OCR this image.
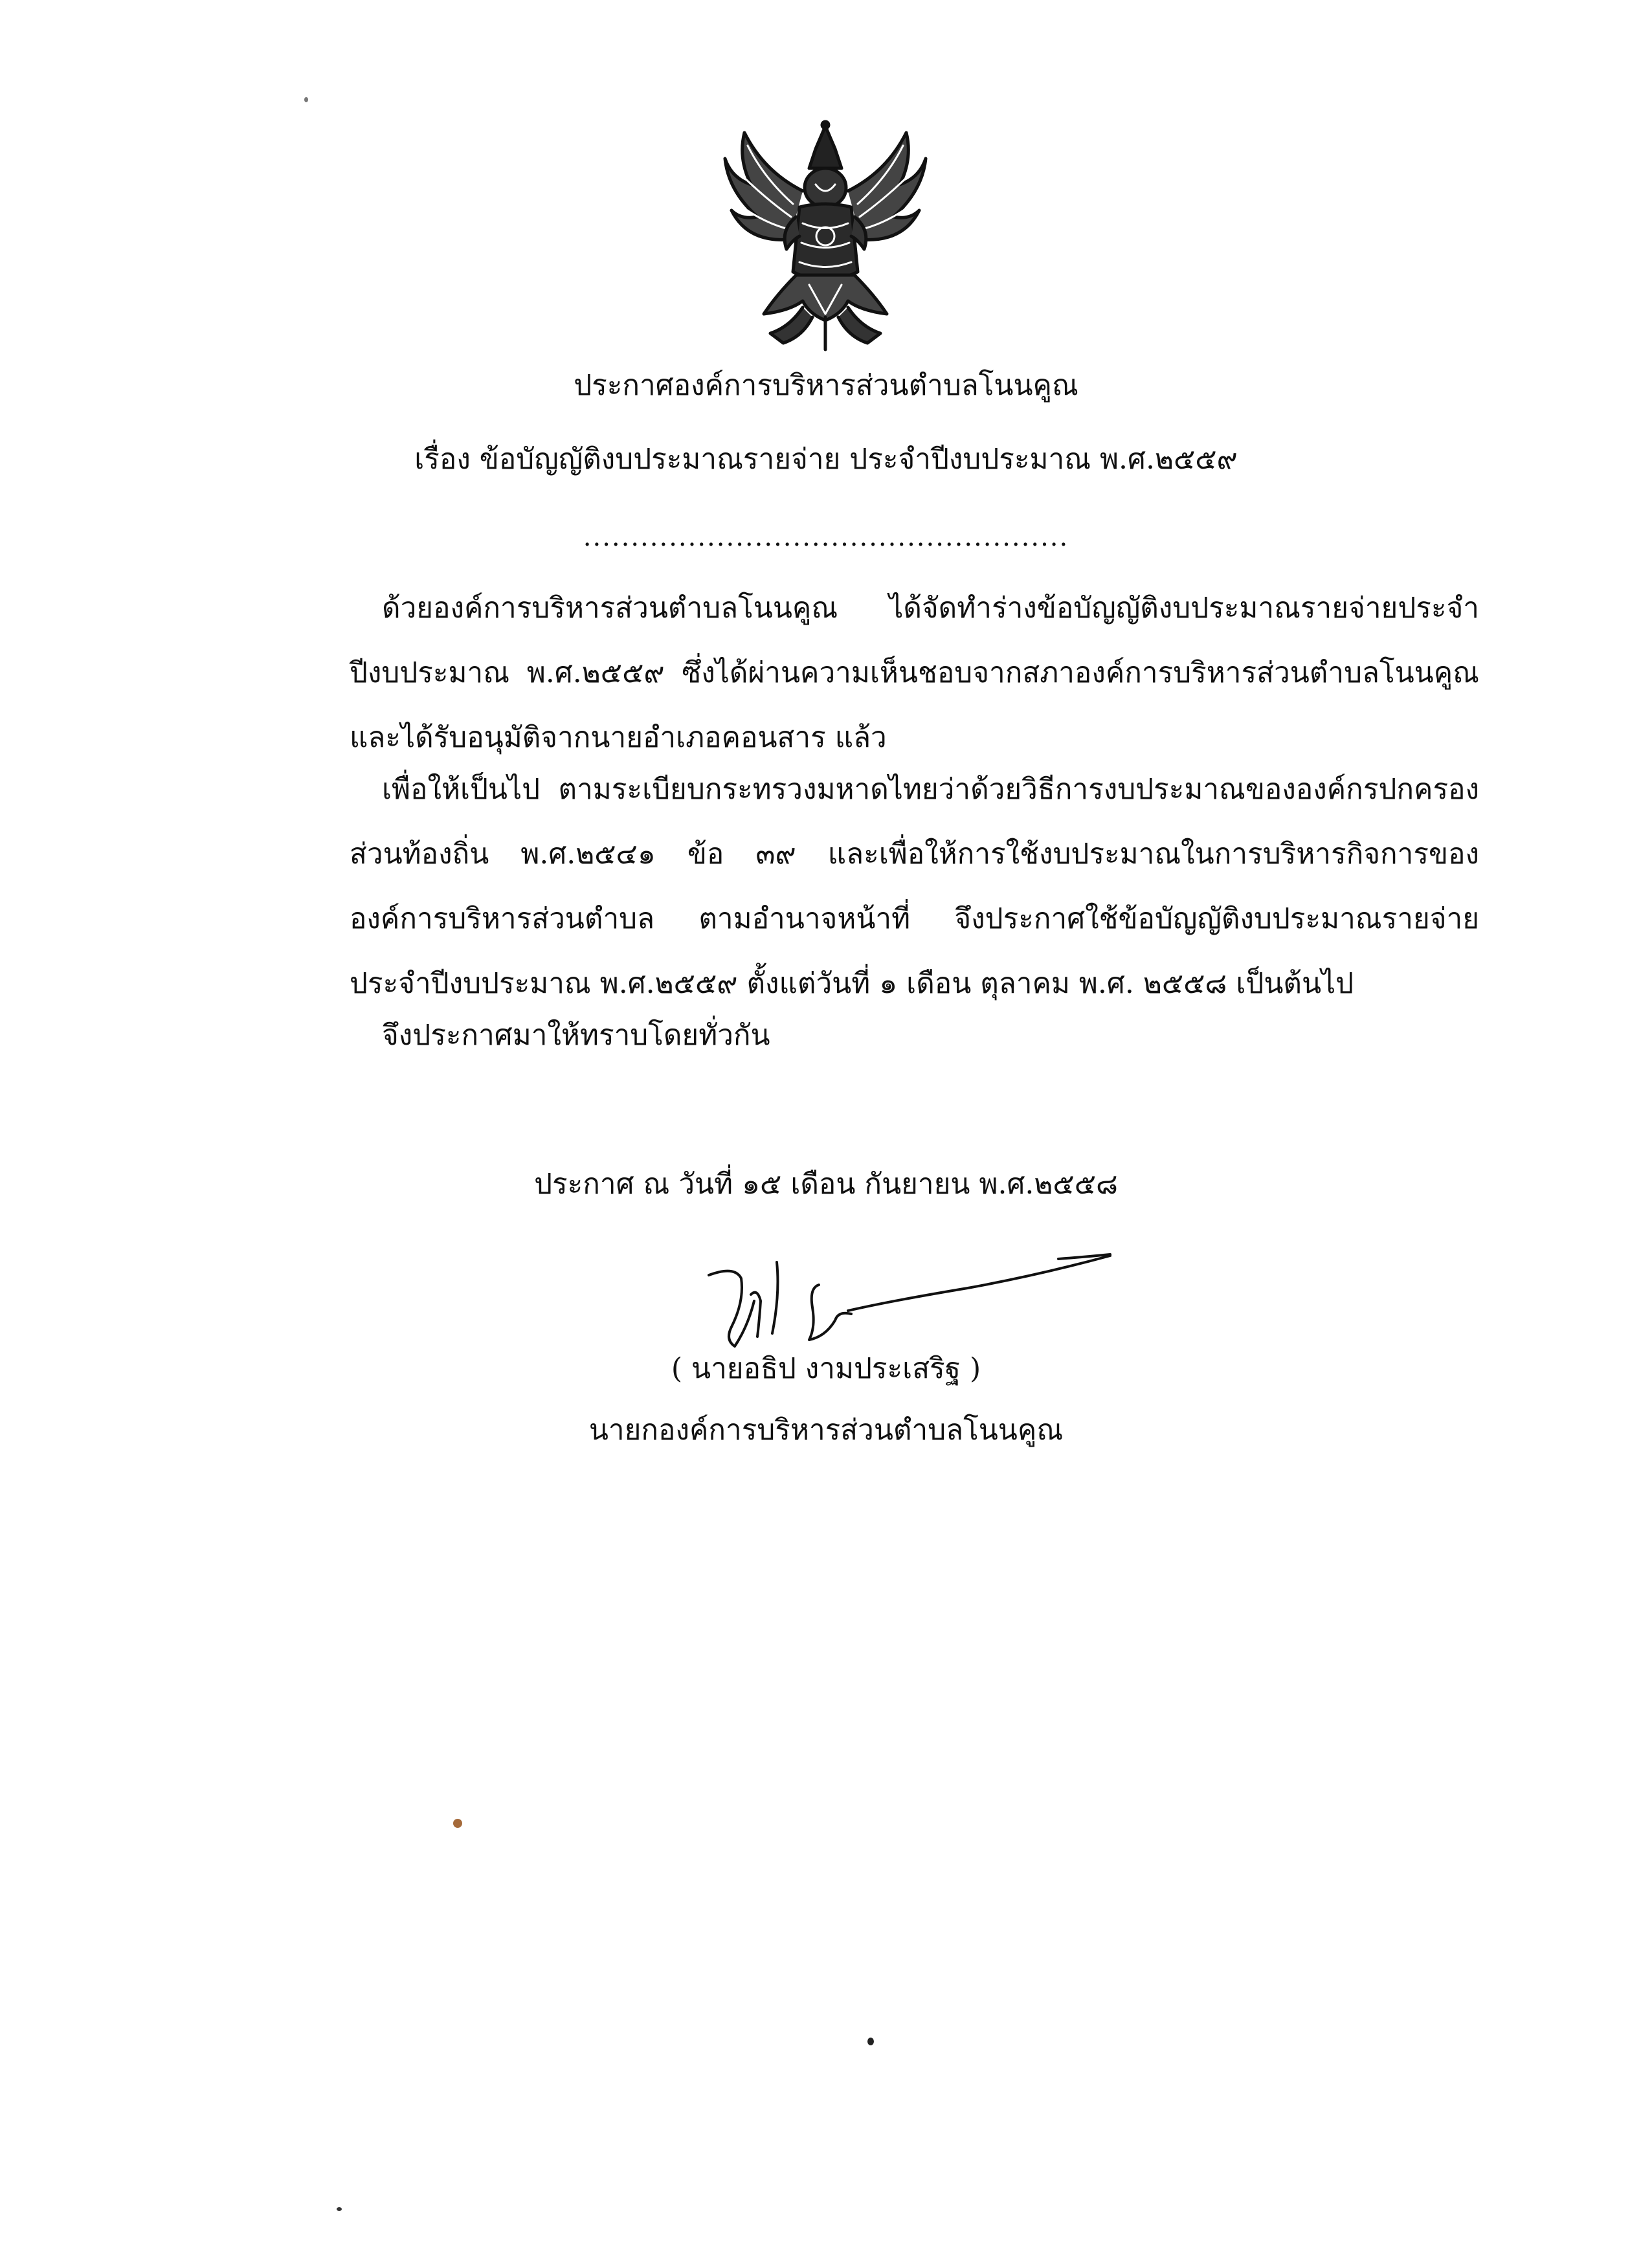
ประกาศองค์การบริหารส่วนตำบลโนนคูณ
เรื่อง ข้อบัญญัติงบประมาณรายจ่าย ประจำปีงบประมาณ พ.ศ.๒๕๕๙
...................................................
ด้วยองค์การบริหารส่วนตำบลโนนคูณ ได้จัดทำร่างข้อบัญญัติงบประมาณรายจ่ายประจำปีงบประมาณ พ.ศ.๒๕๕๙ ซึ่งได้ผ่านความเห็นชอบจากสภาองค์การบริหารส่วนตำบลโนนคูณ และได้รับอนุมัติจากนายอำเภอคอนสาร แล้ว
เพื่อให้เป็นไป ตามระเบียบกระทรวงมหาดไทยว่าด้วยวิธีการงบประมาณขององค์กรปกครองส่วนท้องถิ่น พ.ศ.๒๕๔๑ ข้อ ๓๙ และเพื่อให้การใช้งบประมาณในการบริหารกิจการขององค์การบริหารส่วนตำบล ตามอำนาจหน้าที่ จึงประกาศใช้ข้อบัญญัติงบประมาณรายจ่ายประจำปีงบประมาณ พ.ศ.๒๕๕๙ ตั้งแต่วันที่ ๑ เดือน ตุลาคม พ.ศ. ๒๕๕๘ เป็นต้นไป
จึงประกาศมาให้ทราบโดยทั่วกัน
ประกาศ ณ วันที่ ๑๕ เดือน กันยายน พ.ศ.๒๕๕๘
( นายอธิป งามประเสริฐ )
นายกองค์การบริหารส่วนตำบลโนนคูณ
